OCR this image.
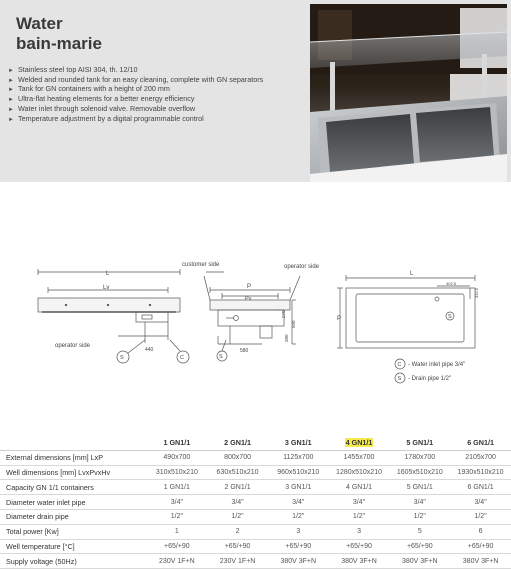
Water
bain-marie
► Stainless steel top AISI 304, th. 12/10
► Welded and rounded tank for an easy cleaning, complete with GN separators
► Tank for GN containers with a height of 200 mm
► Ultra-flat heating elements for a better energy efficiency
► Water inlet through solenoid valve. Removable overflow
► Temperature adjustment by a digital programmable control
L
Lv
operator side
440
S	C
customer side	operator side
P
Pv
270
500
380
580
S
L
P
402.5
332.5
S
C - Water inlet pipe 3/4"
S - Drain pipe 1/2"
	1 GN1/1	2 GN1/1	3 GN1/1	4 GN1/1	5 GN1/1	6 GN1/1
External dimensions [mm] LxP	490x700	800x700	1125x700	1455x700	1780x700	2105x700
Well dimensions [mm] LvxPvxHv	310x510x210	630x510x210	960x510x210	1280x510x210	1605x510x210	1930x510x210
Capacity GN 1/1 containers	1 GN1/1	2 GN1/1	3 GN1/1	4 GN1/1	5 GN1/1	6 GN1/1
Diameter water inlet pipe	3/4"	3/4"	3/4"	3/4"	3/4"	3/4"
Diameter drain pipe	1/2"	1/2"	1/2"	1/2"	1/2"	1/2"
Total power [Kw]	1	2	3	3	5	6
Well temperature [°C]	+65/+90	+65/+90	+65/+90	+65/+90	+65/+90	+65/+90
Supply voltage (50Hz)	230V 1F+N	230V 1F+N	380V 3F+N	380V 3F+N	380V 3F+N	380V 3F+N
